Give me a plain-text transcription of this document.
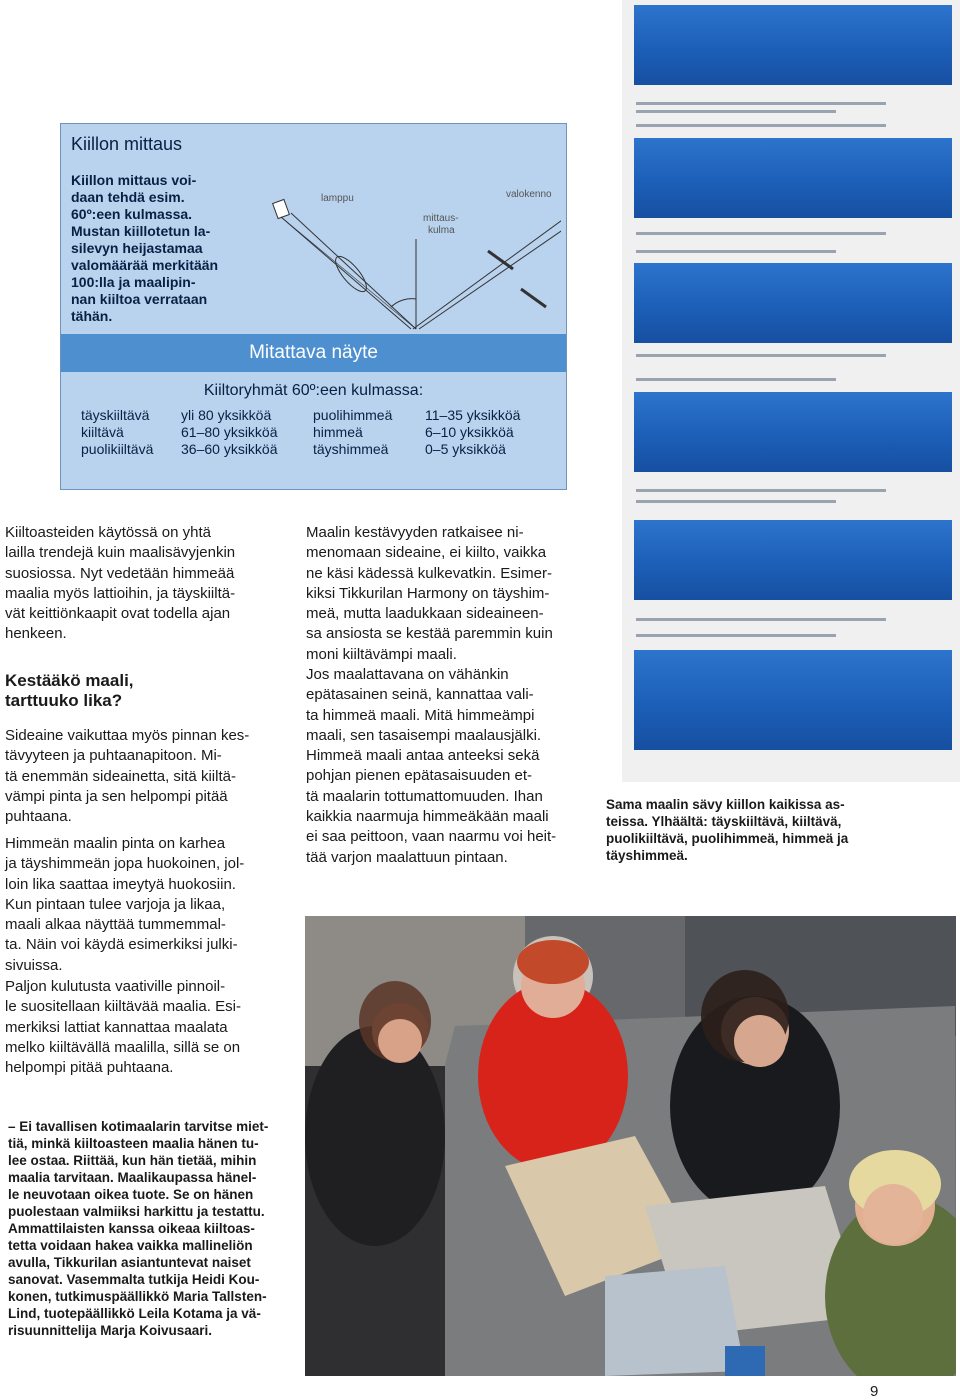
Kiillon mittaus
Kiillon mittaus voi-
daan tehdä esim.
60º:een kulmassa.
Mustan kiillotetun la-
silevyn heijastamaa
valomäärää merkitään
100:lla ja maalipin-
nan kiiltoa verrataan
tähän.
lamppu
mittaus-
kulma
valokenno
Mitattava näyte
Kiiltoryhmät 60º:een kulmassa:
täyskiiltävä
kiiltävä
puolikiiltävä
yli 80 yksikköä
61–80 yksikköä
36–60 yksikköä
puolihimmeä
himmeä
täyshimmeä
11–35 yksikköä
6–10 yksikköä
0–5 yksikköä
Kiiltoasteiden käytössä on yhtä
lailla trendejä kuin maalisävyjenkin
suosiossa. Nyt vedetään himmeää
maalia myös lattioihin, ja täyskiiltä-
vät keittiönkaapit ovat todella ajan
henkeen.
Kestääkö maali,
tarttuuko lika?
Sideaine vaikuttaa myös pinnan kes-
tävyyteen ja puhtaanapitoon. Mi-
tä enemmän sideainetta, sitä kiiltä-
vämpi pinta ja sen helpompi pitää
puhtaana.
Himmeän maalin pinta on karhea
ja täyshimmeän jopa huokoinen, jol-
loin lika saattaa imeytyä huokosiin.
Kun pintaan tulee varjoja ja likaa,
maali alkaa näyttää tummemmal-
ta. Näin voi käydä esimerkiksi julki-
sivuissa.
Paljon kulutusta vaativille pinnoil-
le suositellaan kiiltävää maalia. Esi-
merkiksi lattiat kannattaa maalata
melko kiiltävällä maalilla, sillä se on
helpompi pitää puhtaana.
Maalin kestävyyden ratkaisee ni-
menomaan sideaine, ei kiilto, vaikka
ne käsi kädessä kulkevatkin. Esimer-
kiksi Tikkurilan Harmony on täyshim-
meä, mutta laadukkaan sideaineen-
sa ansiosta se kestää paremmin kuin
moni kiiltävämpi maali.
Jos maalattavana on vähänkin
epätasainen seinä, kannattaa vali-
ta himmeä maali. Mitä himmeämpi
maali, sen tasaisempi maalausjälki.
Himmeä maali antaa anteeksi sekä
pohjan pienen epätasaisuuden et-
tä maalarin tottumattomuuden. Ihan
kaikkia naarmuja himmeäkään maali
ei saa peittoon, vaan naarmu voi heit-
tää varjon maalattuun pintaan.
Sama maalin sävy kiillon kaikissa as-
teissa. Ylhäältä: täyskiiltävä, kiiltävä,
puolikiiltävä, puolihimmeä, himmeä ja
täyshimmeä.
– Ei tavallisen kotimaalarin tarvitse miet-
tiä, minkä kiiltoasteen maalia hänen tu-
lee ostaa. Riittää, kun hän tietää, mihin
maalia tarvitaan. Maalikaupassa hänel-
le neuvotaan oikea tuote. Se on hänen
puolestaan valmiiksi harkittu ja testattu.
Ammattilaisten kanssa oikeaa kiiltoas-
tetta voidaan hakea vaikka mallineliön
avulla, Tikkurilan asiantuntevat naiset
sanovat. Vasemmalta tutkija Heidi Kou-
konen, tutkimuspäällikkö Maria Tallsten-
Lind, tuotepäällikkö Leila Kotama ja vä-
risuunnittelija Marja Koivusaari.
9
